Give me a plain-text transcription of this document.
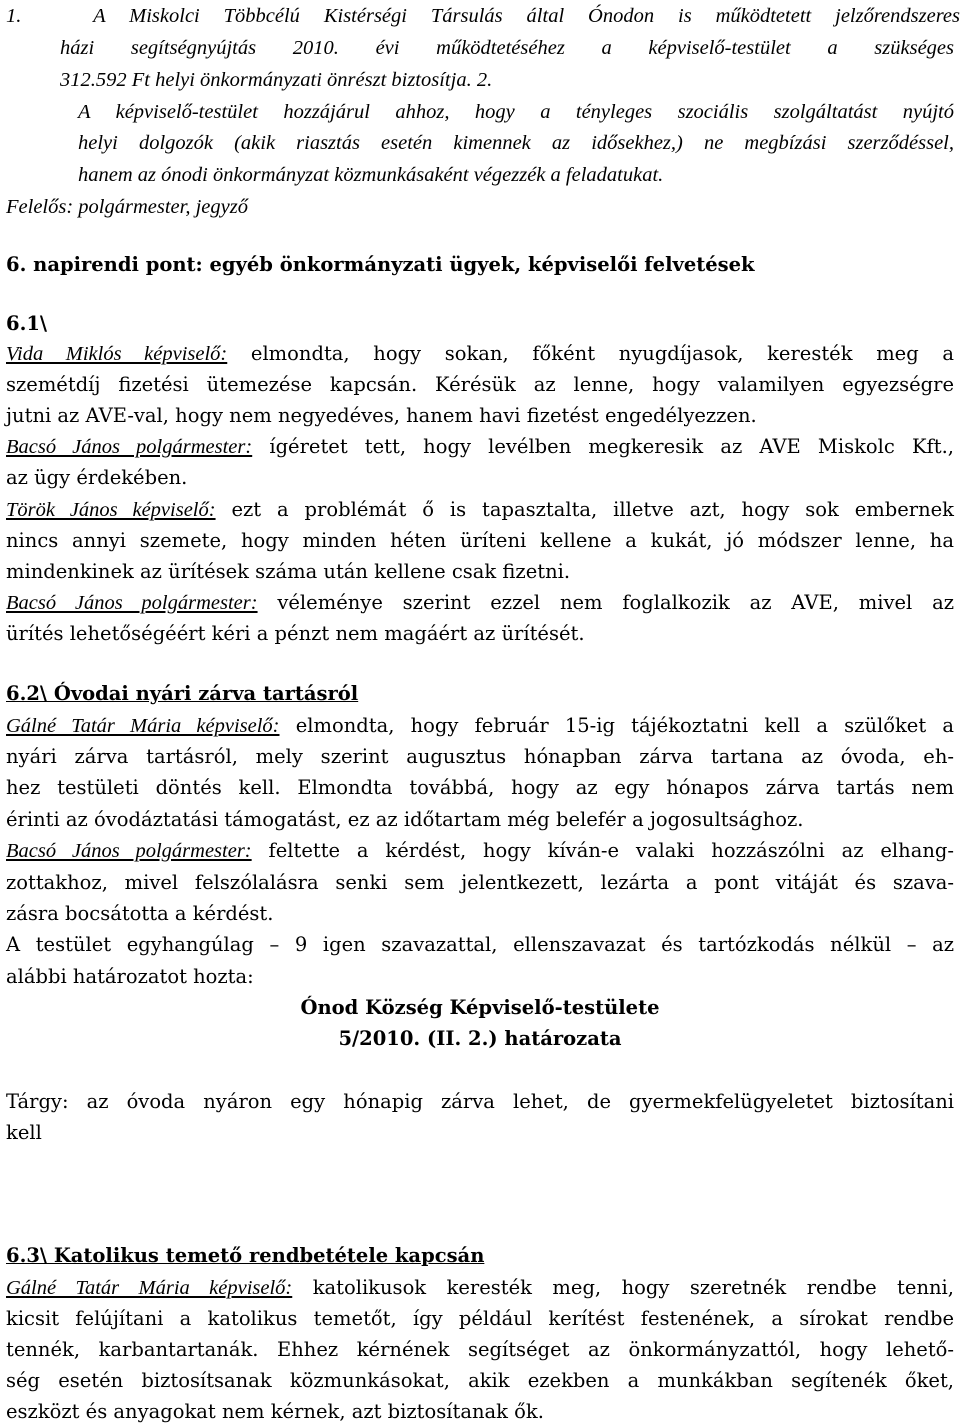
1.	A Miskolci Többcélú Kistérségi Társulás által Ónodon is működtetett jelzőrendszeres
házi segítségnyújtás 2010. évi működtetéséhez a képviselő-testület a szükséges
312.592 Ft helyi önkormányzati önrészt biztosítja. 2.
A képviselő-testület hozzájárul ahhoz, hogy a tényleges szociális szolgáltatást nyújtó
helyi dolgozók (akik riasztás esetén kimennek az idősekhez,) ne megbízási szerződéssel,
hanem az ónodi önkormányzat közmunkásaként végezzék a feladatukat.
Felelős: polgármester, jegyző
6. napirendi pont: egyéb önkormányzati ügyek, képviselői felvetések
6.1\
Vida Miklós képviselő: elmondta, hogy sokan, főként nyugdíjasok, keresték meg a
szemétdíj fizetési ütemezése kapcsán. Kérésük az lenne, hogy valamilyen egyezségre
jutni az AVE-val, hogy nem negyedéves, hanem havi fizetést engedélyezzen.
Bacsó János polgármester: ígéretet tett, hogy levélben megkeresik az AVE Miskolc Kft.,
az ügy érdekében.
Török János képviselő: ezt a problémát ő is tapasztalta, illetve azt, hogy sok embernek
nincs annyi szemete, hogy minden héten üríteni kellene a kukát, jó módszer lenne, ha
mindenkinek az ürítések száma után kellene csak fizetni.
Bacsó János polgármester: véleménye szerint ezzel nem foglalkozik az AVE, mivel az
ürítés lehetőségéért kéri a pénzt nem magáért az ürítését.
6.2\ Óvodai nyári zárva tartásról
Gálné Tatár Mária képviselő: elmondta, hogy február 15-ig tájékoztatni kell a szülőket a
nyári zárva tartásról, mely szerint augusztus hónapban zárva tartana az óvoda, eh-
hez testületi döntés kell. Elmondta továbbá, hogy az egy hónapos zárva tartás nem
érinti az óvodáztatási támogatást, ez az időtartam még belefér a jogosultsághoz.
Bacsó János polgármester: feltette a kérdést, hogy kíván-e valaki hozzászólni az elhang-
zottakhoz, mivel felszólalásra senki sem jelentkezett, lezárta a pont vitáját és szava-
zásra bocsátotta a kérdést.
A testület egyhangúlag – 9 igen szavazattal, ellenszavazat és tartózkodás nélkül – az
alábbi határozatot hozta:
Ónod Község Képviselő-testülete
5/2010. (II. 2.) határozata
Tárgy: az óvoda nyáron egy hónapig zárva lehet, de gyermekfelügyeletet biztosítani
kell
6.3\ Katolikus temető rendbetétele kapcsán
Gálné Tatár Mária képviselő: katolikusok keresték meg, hogy szeretnék rendbe tenni,
kicsit felújítani a katolikus temetőt, így például kerítést festenének, a sírokat rendbe
tennék, karbantartanák. Ehhez kérnének segítséget az önkormányzattól, hogy lehető-
ség esetén biztosítsanak közmunkásokat, akik ezekben a munkákban segítenék őket,
eszközt és anyagokat nem kérnek, azt biztosítanak ők.
